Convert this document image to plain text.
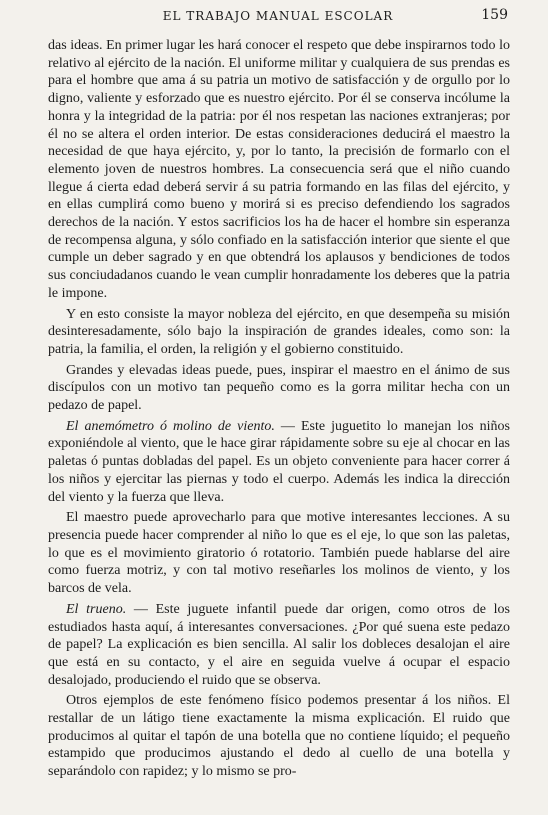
EL TRABAJO MANUAL ESCOLAR	159

das ideas. En primer lugar les hará conocer el respeto que debe inspirarnos todo lo relativo al ejército de la nación. El uniforme militar y cualquiera de sus prendas es para el hombre que ama á su patria un motivo de satisfacción y de orgullo por lo digno, valiente y esforzado que es nuestro ejército. Por él se conserva incólume la honra y la integridad de la patria: por él nos respetan las naciones extranjeras; por él no se altera el orden interior. De estas consideraciones deducirá el maestro la necesidad de que haya ejército, y, por lo tanto, la precisión de formarlo con el elemento joven de nuestros hombres. La consecuencia será que el niño cuando llegue á cierta edad deberá servir á su patria formando en las filas del ejército, y en ellas cumplirá como bueno y morirá si es preciso defendiendo los sagrados derechos de la nación. Y estos sacrificios los ha de hacer el hombre sin esperanza de recompensa alguna, y sólo confiado en la satisfacción interior que siente el que cumple un deber sagrado y en que obtendrá los aplausos y bendiciones de todos sus conciudadanos cuando le vean cumplir honradamente los deberes que la patria le impone.

Y en esto consiste la mayor nobleza del ejército, en que desempeña su misión desinteresadamente, sólo bajo la inspiración de grandes ideales, como son: la patria, la familia, el orden, la religión y el gobierno constituido.

Grandes y elevadas ideas puede, pues, inspirar el maestro en el ánimo de sus discípulos con un motivo tan pequeño como es la gorra militar hecha con un pedazo de papel.

El anemómetro ó molino de viento. — Este juguetito lo manejan los niños exponiéndole al viento, que le hace girar rápidamente sobre su eje al chocar en las paletas ó puntas dobladas del papel. Es un objeto conveniente para hacer correr á los niños y ejercitar las piernas y todo el cuerpo. Además les indica la dirección del viento y la fuerza que lleva.

El maestro puede aprovecharlo para que motive interesantes lecciones. A su presencia puede hacer comprender al niño lo que es el eje, lo que son las paletas, lo que es el movimiento giratorio ó rotatorio. También puede hablarse del aire como fuerza motriz, y con tal motivo reseñarles los molinos de viento, y los barcos de vela.

El trueno. — Este juguete infantil puede dar origen, como otros de los estudiados hasta aquí, á interesantes conversaciones. ¿Por qué suena este pedazo de papel? La explicación es bien sencilla. Al salir los dobleces desalojan el aire que está en su contacto, y el aire en seguida vuelve á ocupar el espacio desalojado, produciendo el ruido que se observa.

Otros ejemplos de este fenómeno físico podemos presentar á los niños. El restallar de un látigo tiene exactamente la misma explicación. El ruido que producimos al quitar el tapón de una botella que no contiene líquido; el pequeño estampido que producimos ajustando el dedo al cuello de una botella y separándolo con rapidez; y lo mismo se pro-
